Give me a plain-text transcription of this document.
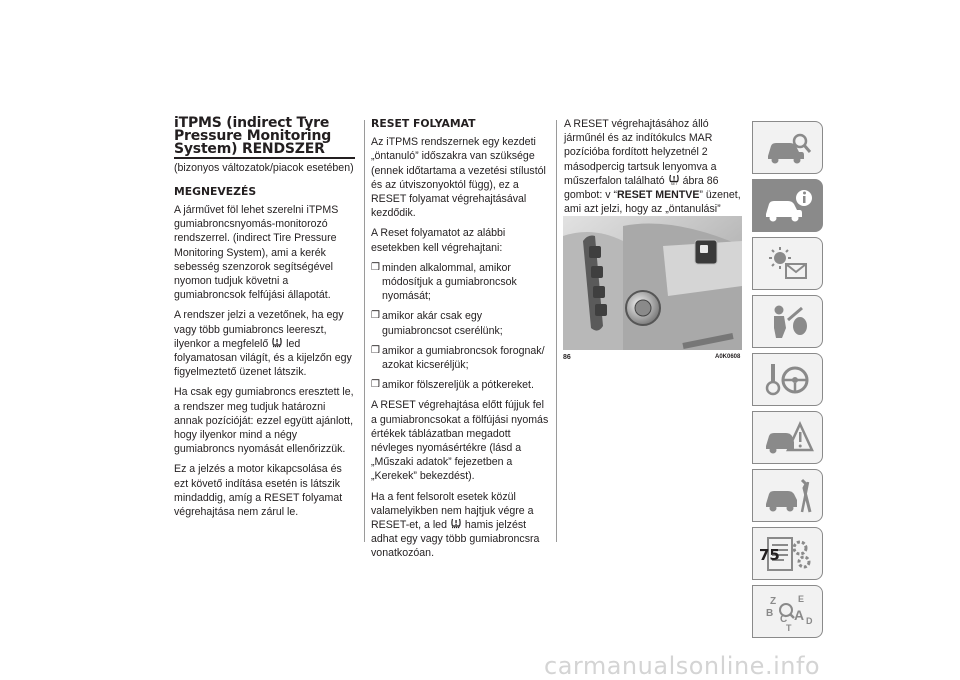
iTPMS (indirect Tyre Pressure Monitoring System) RENDSZER

(bizonyos változatok/piacok esetében)

MEGNEVEZÉS

A járművet föl lehet szerelni iTPMS gumiabroncsnyomás-monitorozó rendszerrel. (indirect Tire Pressure Monitoring System), ami a kerék sebesség szenzorok segítségével nyomon tudjuk követni a gumiabroncsok felfújási állapotát.

A rendszer jelzi a vezetőnek, ha egy vagy több gumiabroncs leereszt, ilyenkor a megfelelő led folyamatosan világít, és a kijelzőn egy figyelmeztető üzenet látszik.

Ha csak egy gumiabroncs eresztett le, a rendszer meg tudjuk határozni annak pozícióját: ezzel együtt ajánlott, hogy ilyenkor mind a négy gumiabroncs nyomását ellenőrizzük.

Ez a jelzés a motor kikapcsolása és ezt követő indítása esetén is látszik mindaddig, amíg a RESET folyamat végrehajtása nem zárul le.

RESET FOLYAMAT

Az iTPMS rendszernek egy kezdeti „öntanuló” időszakra van szüksége (ennek időtartama a vezetési stílustól és az útviszonyoktól függ), ez a RESET folyamat végrehajtásával kezdődik.

A Reset folyamatot az alábbi esetekben kell végrehajtani:

❒ minden alkalommal, amikor módosítjuk a gumiabroncsok nyomását;
❒ amikor akár csak egy gumiabroncsot cserélünk;
❒ amikor a gumiabroncsok forognak/ azokat kicseréljük;
❒ amikor fölszereljük a pótkereket.

A RESET végrehajtása előtt fújjuk fel a gumiabroncsokat a fölfújási nyomás értékek táblázatban megadott névleges nyomásértékre (lásd a „Műszaki adatok” fejezetben a „Kerekek” bekezdést).

Ha a fent felsorolt esetek közül valamelyikben nem hajtjuk végre a RESET-et, a led hamis jelzést adhat egy vagy több gumiabroncsra vonatkozóan.

A RESET végrehajtásához álló járműnél és az indítókulcs MAR pozícióba fordított helyzetnél 2 másodpercig tartsuk lenyomva a műszerfalon található SET ábra 86 gombot: v “RESET MENTVE” üzenet, ami azt jelzi, hogy az „öntanulási”

86	A0K0608
Z E
B A
C D
T
75
carmanualsonline.info
